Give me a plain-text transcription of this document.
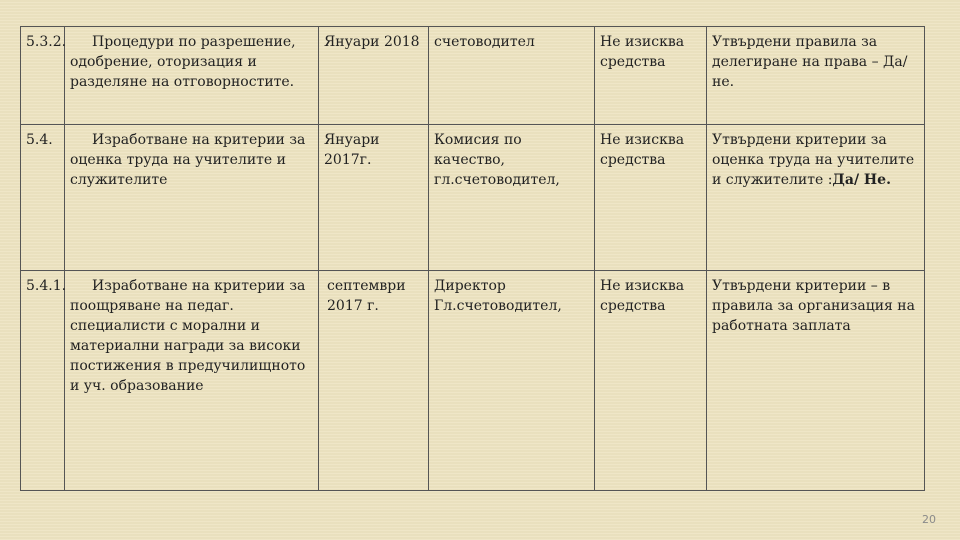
5.3.2.	Процедури по разрешение, одобрение, оторизация и разделяне на отговорностите.	Януари 2018	счетоводител	Не изисква средства	Утвърдени правила за делегиране на права – Да/ не.
5.4.	Изработване на критерии за оценка труда на учителите и служителите	Януари 2017г.	Комисия по качество, гл.счетоводител,	Не изисква средства	Утвърдени критерии за оценка труда на учителите и служителите :Да/ Не.
5.4.1.	Изработване на критерии за поощряване на педаг. специалисти с морални и материални награди за високи постижения в предучилищното и уч. образование	септември 2017 г.	Директор Гл.счетоводител,	Не изисква средства	Утвърдени критерии – в правила за организация на работната заплата
20
